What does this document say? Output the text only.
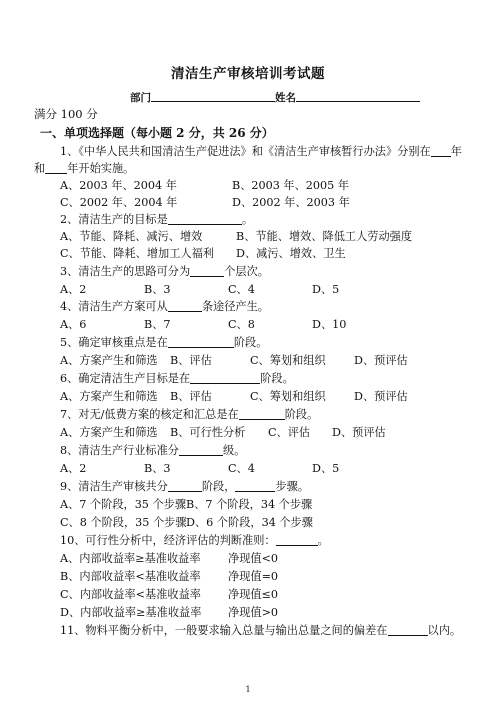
清洁生产审核培训考试题
部门	姓名
满分 100 分
一、单项选择题（每小题 2 分，共 26 分）
1、《中华人民共和国清洁生产促进法》和《清洁生产审核暂行办法》分别在 年
和 年开始实施。
A、2003 年、2004 年	B、2003 年、2005 年
C、2002 年、2004 年	D、2002 年、2003 年
2、清洁生产的目标是	。
A、节能、降耗、减污、增效	B、节能、增效、降低工人劳动强度
C、节能、降耗、增加工人福利 D、减污、增效、卫生
3、清洁生产的思路可分为	个层次。
A、2	B、3	C、4	D、5
4、清洁生产方案可从	条途径产生。
A、6	B、7	C、8	D、10
5、确定审核重点是在	阶段。
A、方案产生和筛选 B、评估	C、筹划和组织	D、预评估
6、确定清洁生产目标是在	阶段。
A、方案产生和筛选 B、评估	C、筹划和组织	D、预评估
7、对无/低费方案的核定和汇总是在	阶段。
A、方案产生和筛选 B、可行性分析 C、评估 D、预评估
8、清洁生产行业标准分	级。
A、2	B、3	C、4	D、5
9、清洁生产审核共分	阶段，	步骤。
A、7 个阶段，35 个步骤B、7 个阶段，34 个步骤
C、8 个阶段，35 个步骤D、6 个阶段，34 个步骤
10、可行性分析中，经济评估的判断准则：	。
A、内部收益率≥基准收益率 净现值<0
B、内部收益率<基准收益率 净现值=0
C、内部收益率<基准收益率 净现值≤0
D、内部收益率≥基准收益率 净现值>0
11、物料平衡分析中，一般要求输入总量与输出总量之间的偏差在	以内。
1
